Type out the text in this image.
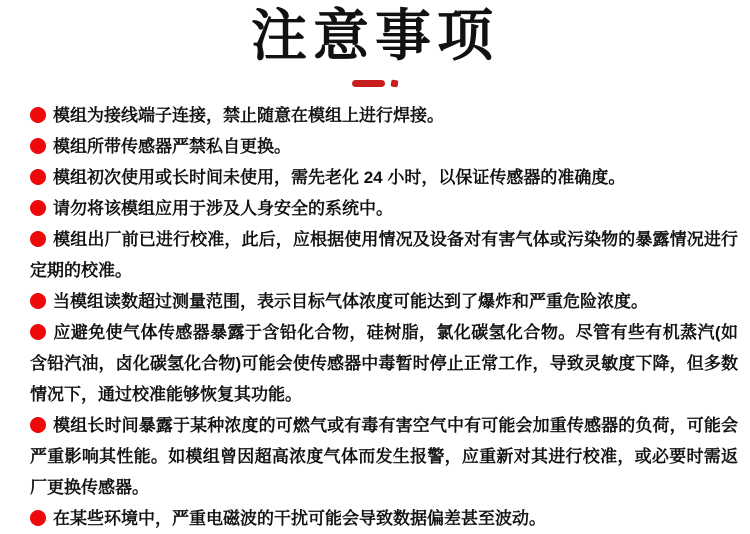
注意事项
模组为接线端子连接，禁止随意在模组上进行焊接。
模组所带传感器严禁私自更换。
模组初次使用或长时间未使用，需先老化 24 小时，以保证传感器的准确度。
请勿将该模组应用于涉及人身安全的系统中。
模组出厂前已进行校准，此后，应根据使用情况及设备对有害气体或污染物的暴露情况进行定期的校准。
当模组读数超过测量范围，表示目标气体浓度可能达到了爆炸和严重危险浓度。
应避免使气体传感器暴露于含铅化合物，硅树脂，氯化碳氢化合物。尽管有些有机蒸汽(如含铅汽油，卤化碳氢化合物)可能会使传感器中毒暂时停止正常工作，导致灵敏度下降，但多数情况下，通过校准能够恢复其功能。
模组长时间暴露于某种浓度的可燃气或有毒有害空气中有可能会加重传感器的负荷，可能会严重影响其性能。如模组曾因超高浓度气体而发生报警，应重新对其进行校准，或必要时需返厂更换传感器。
在某些环境中，严重电磁波的干扰可能会导致数据偏差甚至波动。
